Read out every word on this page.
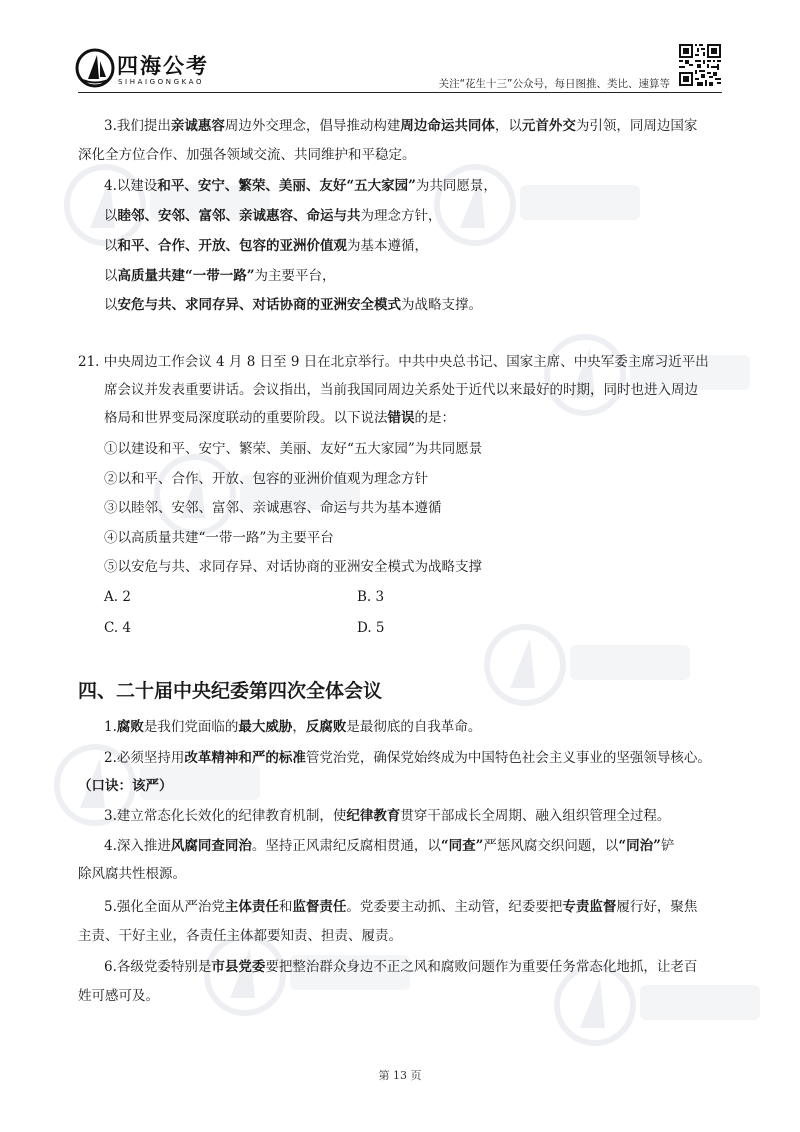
四海公考
SIHAIGONGKAO	关注“花生十三”公众号，每日图推、类比、速算等
3.我们提出亲诚惠容周边外交理念，倡导推动构建周边命运共同体，以元首外交为引领，同周边国家
深化全方位合作、加强各领域交流、共同维护和平稳定。
4.以建设和平、安宁、繁荣、美丽、友好“五大家园”为共同愿景，
以睦邻、安邻、富邻、亲诚惠容、命运与共为理念方针，
以和平、合作、开放、包容的亚洲价值观为基本遵循，
以高质量共建“一带一路”为主要平台，
以安危与共、求同存异、对话协商的亚洲安全模式为战略支撑。
21. 中央周边工作会议 4 月 8 日至 9 日在北京举行。中共中央总书记、国家主席、中央军委主席习近平出
席会议并发表重要讲话。会议指出，当前我国同周边关系处于近代以来最好的时期，同时也进入周边
格局和世界变局深度联动的重要阶段。以下说法错误的是：
①以建设和平、安宁、繁荣、美丽、友好“五大家园”为共同愿景
②以和平、合作、开放、包容的亚洲价值观为理念方针
③以睦邻、安邻、富邻、亲诚惠容、命运与共为基本遵循
④以高质量共建“一带一路”为主要平台
⑤以安危与共、求同存异、对话协商的亚洲安全模式为战略支撑
A. 2	B. 3
C. 4	D. 5
四、二十届中央纪委第四次全体会议
1.腐败是我们党面临的最大威胁，反腐败是最彻底的自我革命。
2.必须坚持用改革精神和严的标准管党治党，确保党始终成为中国特色社会主义事业的坚强领导核心。
（口诀：该严）
3.建立常态化长效化的纪律教育机制，使纪律教育贯穿干部成长全周期、融入组织管理全过程。
4.深入推进风腐同查同治。坚持正风肃纪反腐相贯通，以“同查”严惩风腐交织问题，以“同治”铲
除风腐共性根源。
5.强化全面从严治党主体责任和监督责任。党委要主动抓、主动管，纪委要把专责监督履行好，聚焦
主责、干好主业，各责任主体都要知责、担责、履责。
6.各级党委特别是市县党委要把整治群众身边不正之风和腐败问题作为重要任务常态化地抓，让老百
姓可感可及。
第 13 页
